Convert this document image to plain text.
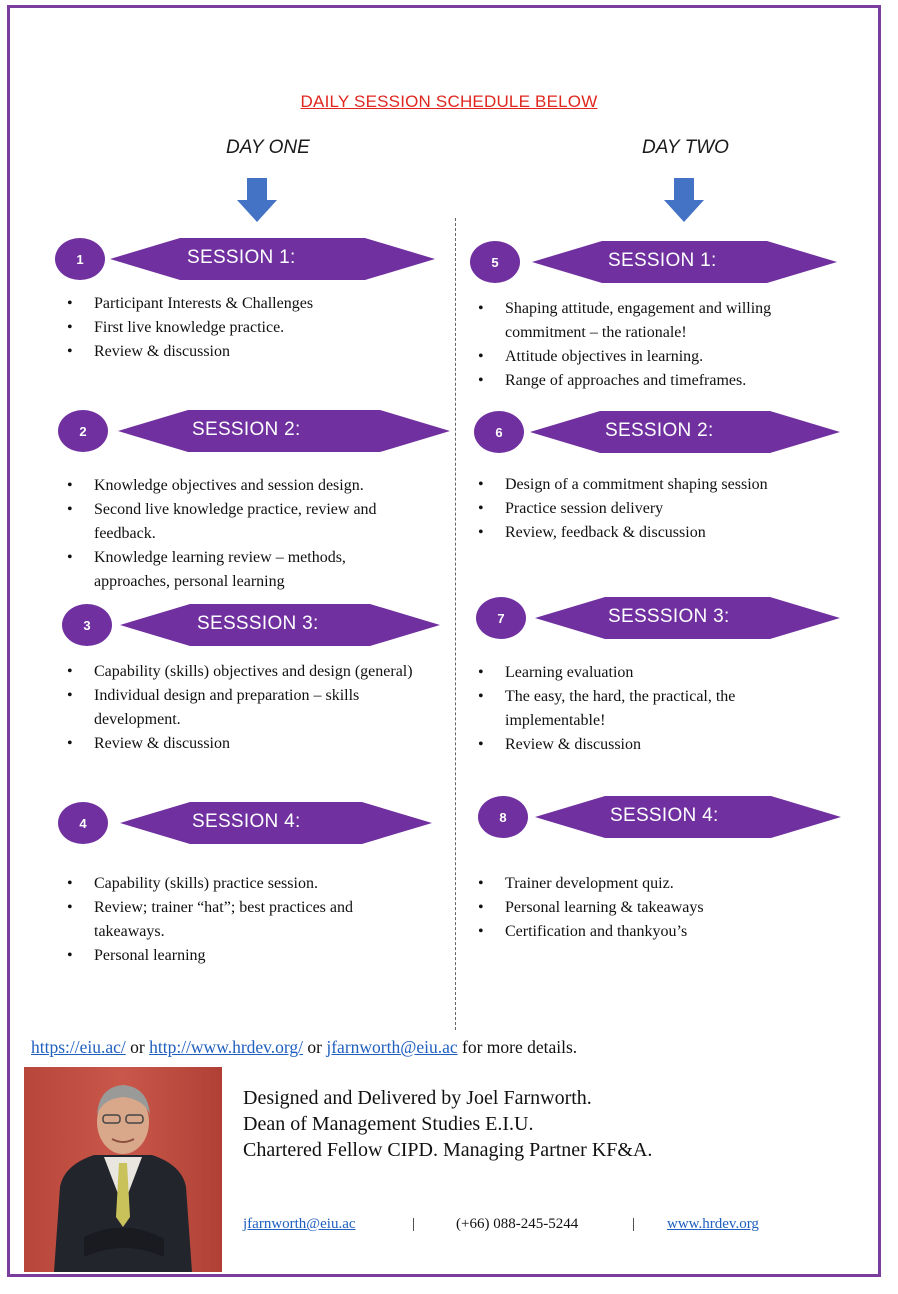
DAILY SESSION SCHEDULE BELOW
DAY ONE	DAY TWO
SESSION 1:
1
• Participant Interests & Challenges
• First live knowledge practice.
• Review & discussion
SESSION 2:
2
• Knowledge objectives and session design.
• Second live knowledge practice, review and feedback.
• Knowledge learning review – methods, approaches, personal learning
SESSSION 3:
3
• Capability (skills) objectives and design (general)
• Individual design and preparation – skills development.
• Review & discussion
SESSION 4:
4
• Capability (skills) practice session.
• Review; trainer “hat”; best practices and takeaways.
• Personal learning
SESSION 1:
5
• Shaping attitude, engagement and willing commitment – the rationale!
• Attitude objectives in learning.
• Range of approaches and timeframes.
SESSION 2:
6
• Design of a commitment shaping session
• Practice session delivery
• Review, feedback & discussion
SESSSION 3:
7
• Learning evaluation
• The easy, the hard, the practical, the implementable!
• Review & discussion
SESSION 4:
8
• Trainer development quiz.
• Personal learning & takeaways
• Certification and thankyou’s
https://eiu.ac/ or http://www.hrdev.org/ or jfarnworth@eiu.ac for more details.
Designed and Delivered by Joel Farnworth.
Dean of Management Studies E.I.U.
Chartered Fellow CIPD. Managing Partner KF&A.
jfarnworth@eiu.ac	|	(+66) 088-245-5244	| www.hrdev.org
